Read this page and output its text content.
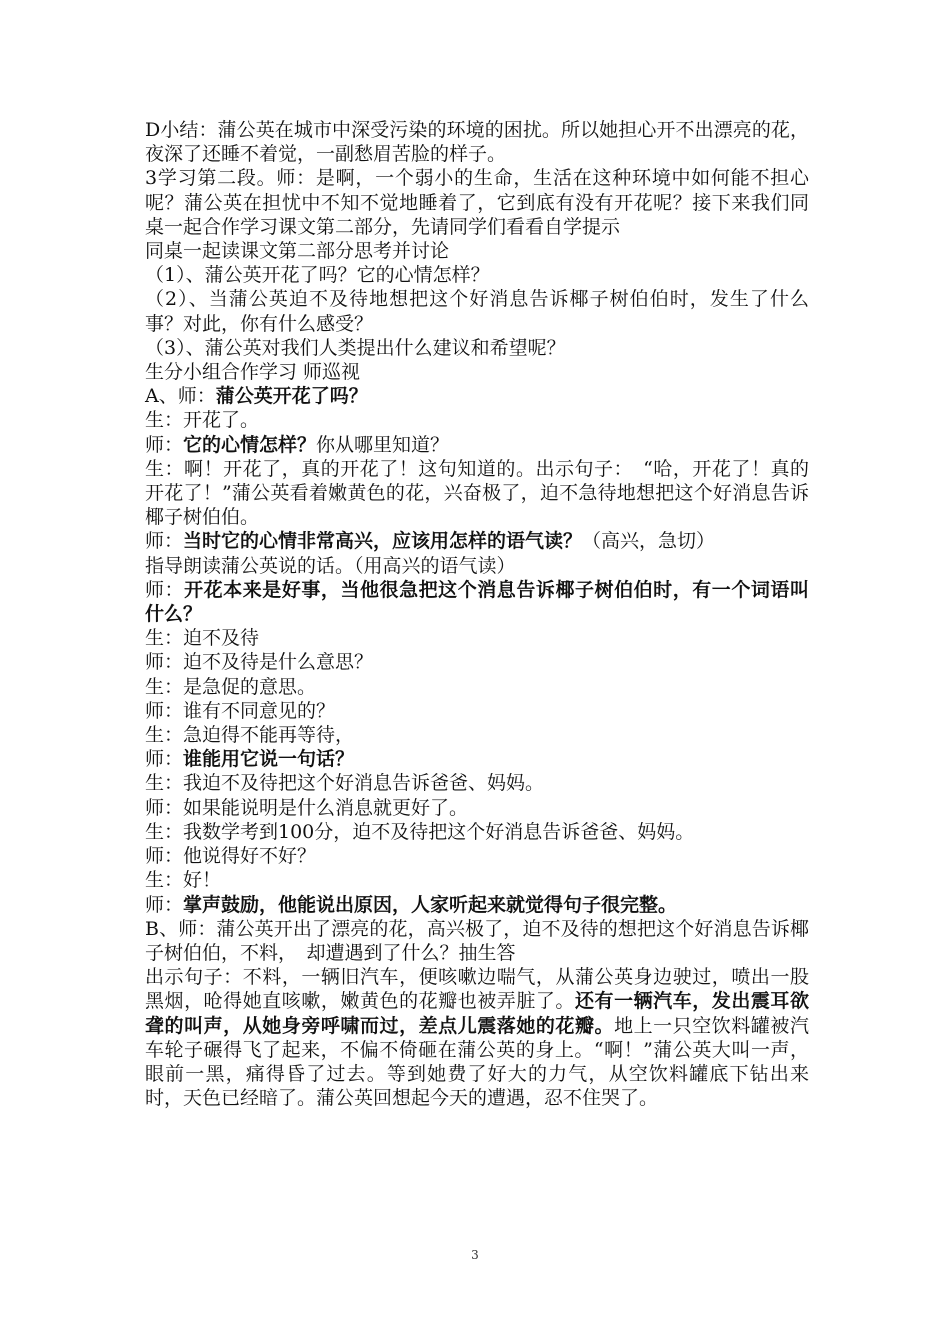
D小结：蒲公英在城市中深受污染的环境的困扰。所以她担心开不出漂亮的花，夜深了还睡不着觉，一副愁眉苦脸的样子。

3学习第二段。师：是啊，一个弱小的生命，生活在这种环境中如何能不担心呢？蒲公英在担忧中不知不觉地睡着了，它到底有没有开花呢？接下来我们同桌一起合作学习课文第二部分，先请同学们看看自学提示

同桌一起读课文第二部分思考并讨论

（1）、蒲公英开花了吗？它的心情怎样？

（2）、当蒲公英迫不及待地想把这个好消息告诉椰子树伯伯时，发生了什么事？对此，你有什么感受？

（3）、蒲公英对我们人类提出什么建议和希望呢？

生分小组合作学习 师巡视

A、师：蒲公英开花了吗？

生：开花了。

师：它的心情怎样？你从哪里知道？

生：啊！开花了，真的开花了！这句知道的。出示句子：　“哈，开花了！真的开花了！”蒲公英看着嫩黄色的花，兴奋极了，迫不急待地想把这个好消息告诉椰子树伯伯。

师：当时它的心情非常高兴，应该用怎样的语气读？（高兴，急切）

指导朗读蒲公英说的话。（用高兴的语气读）

师：开花本来是好事，当他很急把这个消息告诉椰子树伯伯时，有一个词语叫什么？

生：迫不及待

师：迫不及待是什么意思？

生：是急促的意思。

师：谁有不同意见的？

生：急迫得不能再等待，

师：谁能用它说一句话？

生：我迫不及待把这个好消息告诉爸爸、妈妈。

师：如果能说明是什么消息就更好了。

生：我数学考到100分，迫不及待把这个好消息告诉爸爸、妈妈。

师：他说得好不好？

生：好！

师：掌声鼓励，他能说出原因，人家听起来就觉得句子很完整。

B、师：蒲公英开出了漂亮的花，高兴极了，迫不及待的想把这个好消息告诉椰子树伯伯，不料，　却遭遇到了什么？抽生答

出示句子：不料，一辆旧汽车，便咳嗽边喘气，从蒲公英身边驶过，喷出一股黑烟，呛得她直咳嗽，嫩黄色的花瓣也被弄脏了。还有一辆汽车，发出震耳欲聋的叫声，从她身旁呼啸而过，差点儿震落她的花瓣。地上一只空饮料罐被汽车轮子碾得飞了起来，不偏不倚砸在蒲公英的身上。“啊！”蒲公英大叫一声，眼前一黑，痛得昏了过去。等到她费了好大的力气，从空饮料罐底下钻出来时，天色已经暗了。蒲公英回想起今天的遭遇，忍不住哭了。

3
